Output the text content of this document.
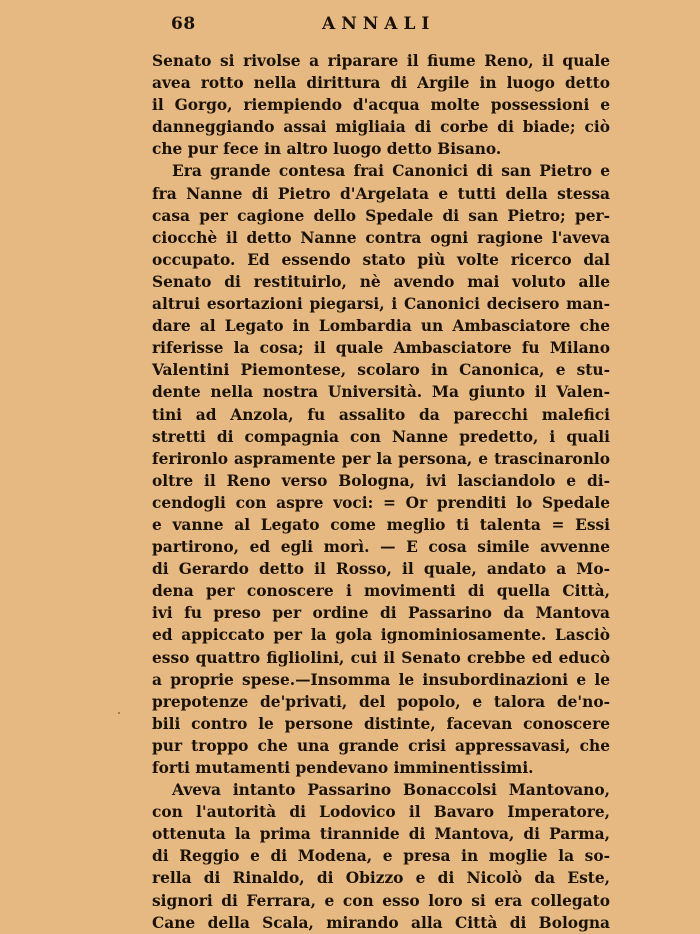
68	ANNALI
Senato si rivolse a riparare il fiume Reno, il quale
avea rotto nella dirittura di Argile in luogo detto
il Gorgo, riempiendo d'acqua molte possessioni e
danneggiando assai migliaia di corbe di biade; ciò
che pur fece in altro luogo detto Bisano.
Era grande contesa frai Canonici di san Pietro e
fra Nanne di Pietro d'Argelata e tutti della stessa
casa per cagione dello Spedale di san Pietro; per-
ciocchè il detto Nanne contra ogni ragione l'aveva
occupato. Ed essendo stato più volte ricerco dal
Senato di restituirlo, nè avendo mai voluto alle
altrui esortazioni piegarsi, i Canonici decisero man-
dare al Legato in Lombardia un Ambasciatore che
riferisse la cosa; il quale Ambasciatore fu Milano
Valentini Piemontese, scolaro in Canonica, e stu-
dente nella nostra Università. Ma giunto il Valen-
tini ad Anzola, fu assalito da parecchi malefici
stretti di compagnia con Nanne predetto, i quali
ferironlo aspramente per la persona, e trascinaronlo
oltre il Reno verso Bologna, ivi lasciandolo e di-
cendogli con aspre voci: = Or prenditi lo Spedale
e vanne al Legato come meglio ti talenta = Essi
partirono, ed egli morì. — E cosa simile avvenne
di Gerardo detto il Rosso, il quale, andato a Mo-
dena per conoscere i movimenti di quella Città,
ivi fu preso per ordine di Passarino da Mantova
ed appiccato per la gola ignominiosamente. Lasciò
esso quattro figliolini, cui il Senato crebbe ed educò
a proprie spese.—Insomma le insubordinazioni e le
prepotenze de'privati, del popolo, e talora de'no-
bili contro le persone distinte, facevan conoscere
pur troppo che una grande crisi appressavasi, che
forti mutamenti pendevano imminentissimi.
Aveva intanto Passarino Bonaccolsi Mantovano,
con l'autorità di Lodovico il Bavaro Imperatore,
ottenuta la prima tirannide di Mantova, di Parma,
di Reggio e di Modena, e presa in moglie la so-
rella di Rinaldo, di Obizzo e di Nicolò da Este,
signori di Ferrara, e con esso loro si era collegato
Cane della Scala, mirando alla Città di Bologna
